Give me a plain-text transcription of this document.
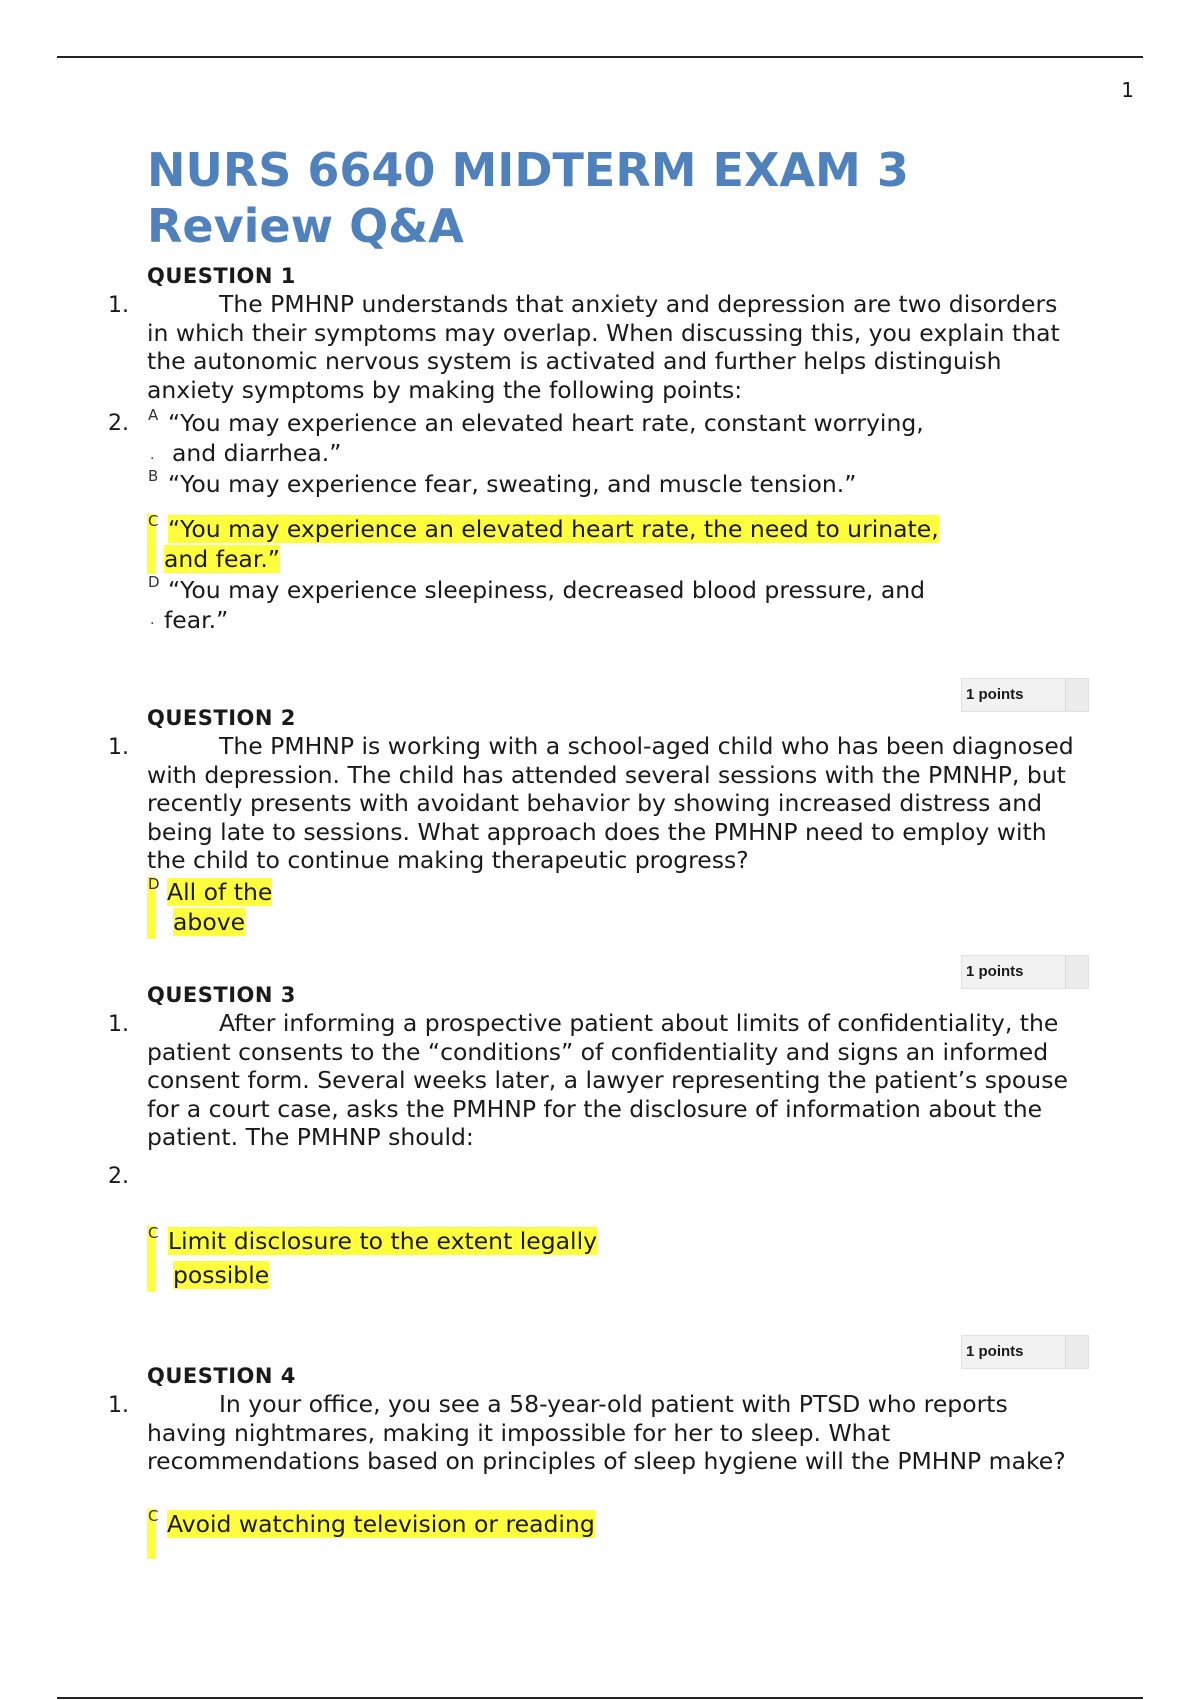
1
NURS 6640 MIDTERM EXAM 3
Review Q&A
QUESTION 1
1.	The PMHNP understands that anxiety and depression are two disorders in which their symptoms may overlap. When discussing this, you explain that the autonomic nervous system is activated and further helps distinguish anxiety symptoms by making the following points:

2. A
·
“You may experience an elevated heart rate, constant worrying,
and diarrhea.”
B “You may experience fear, sweating, and muscle tension.”
C “You may experience an elevated heart rate, the need to urinate,
and fear.”
D
·
“You may experience sleepiness, decreased blood pressure, and
fear.”
1 points
QUESTION 2
1.	The PMHNP is working with a school-aged child who has been diagnosed with depression. The child has attended several sessions with the PMNHP, but recently presents with avoidant behavior by showing increased distress and being late to sessions. What approach does the PMHNP need to employ with the child to continue making therapeutic progress?

D All of the
above
1 points
QUESTION 3
1.	After informing a prospective patient about limits of confidentiality, the patient consents to the “conditions” of confidentiality and signs an informed consent form. Several weeks later, a lawyer representing the patient’s spouse for a court case, asks the PMHNP for the disclosure of information about the patient. The PMHNP should:

2.
C Limit disclosure to the extent legally
possible
1 points
QUESTION 4
1.	In your office, you see a 58-year-old patient with PTSD who reports having nightmares, making it impossible for her to sleep. What recommendations based on principles of sleep hygiene will the PMHNP make?

C Avoid watching television or reading
